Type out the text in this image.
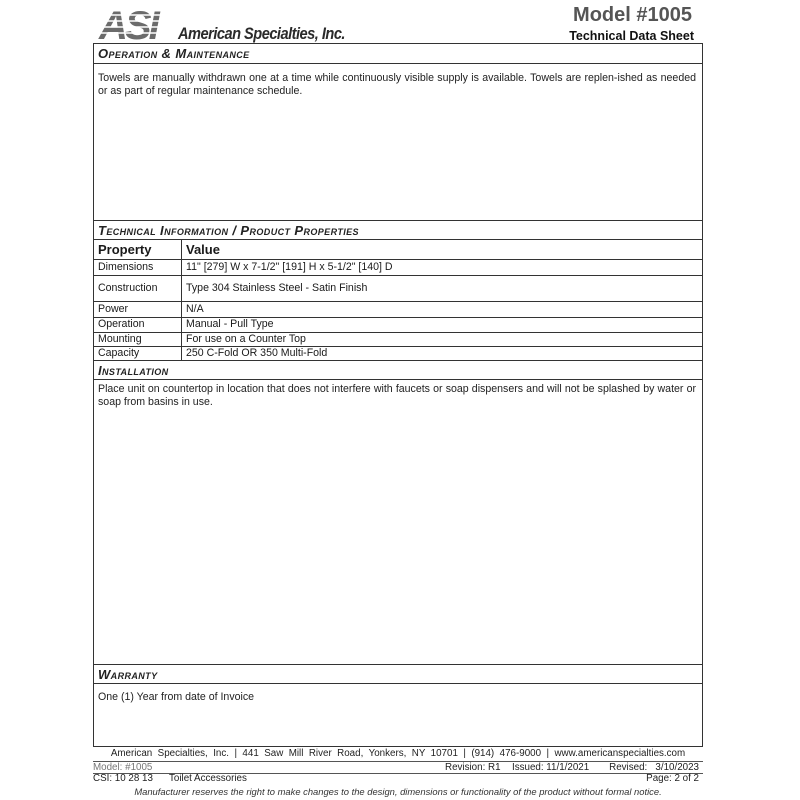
ASI American Specialties, Inc.
Model #1005
Technical Data Sheet
Operation & Maintenance
Towels are manually withdrawn one at a time while continuously visible supply is available. Towels are replen-ished as needed or as part of regular maintenance schedule.
Technical Information / Product Properties
Property	Value
Dimensions	11" [279] W x 7-1/2" [191] H x 5-1/2" [140] D
Construction	Type 304 Stainless Steel - Satin Finish
Power	N/A
Operation	Manual - Pull Type
Mounting	For use on a Counter Top
Capacity	250 C-Fold OR 350 Multi-Fold
Installation
Place unit on countertop in location that does not interfere with faucets or soap dispensers and will not be splashed by water or soap from basins in use.
Warranty
One (1) Year from date of Invoice
American  Specialties,  Inc.  |  441  Saw  Mill  River  Road,  Yonkers,  NY  10701  |  (914)  476-9000  |  www.americanspecialties.com
Model: #1005	Revision: R1 Issued: 11/1/2021 Revised:   3/10/2023
CSI: 10 28 13 Toilet Accessories	Page: 2 of 2
Manufacturer reserves the right to make changes to the design, dimensions or functionality of the product without formal notice.
